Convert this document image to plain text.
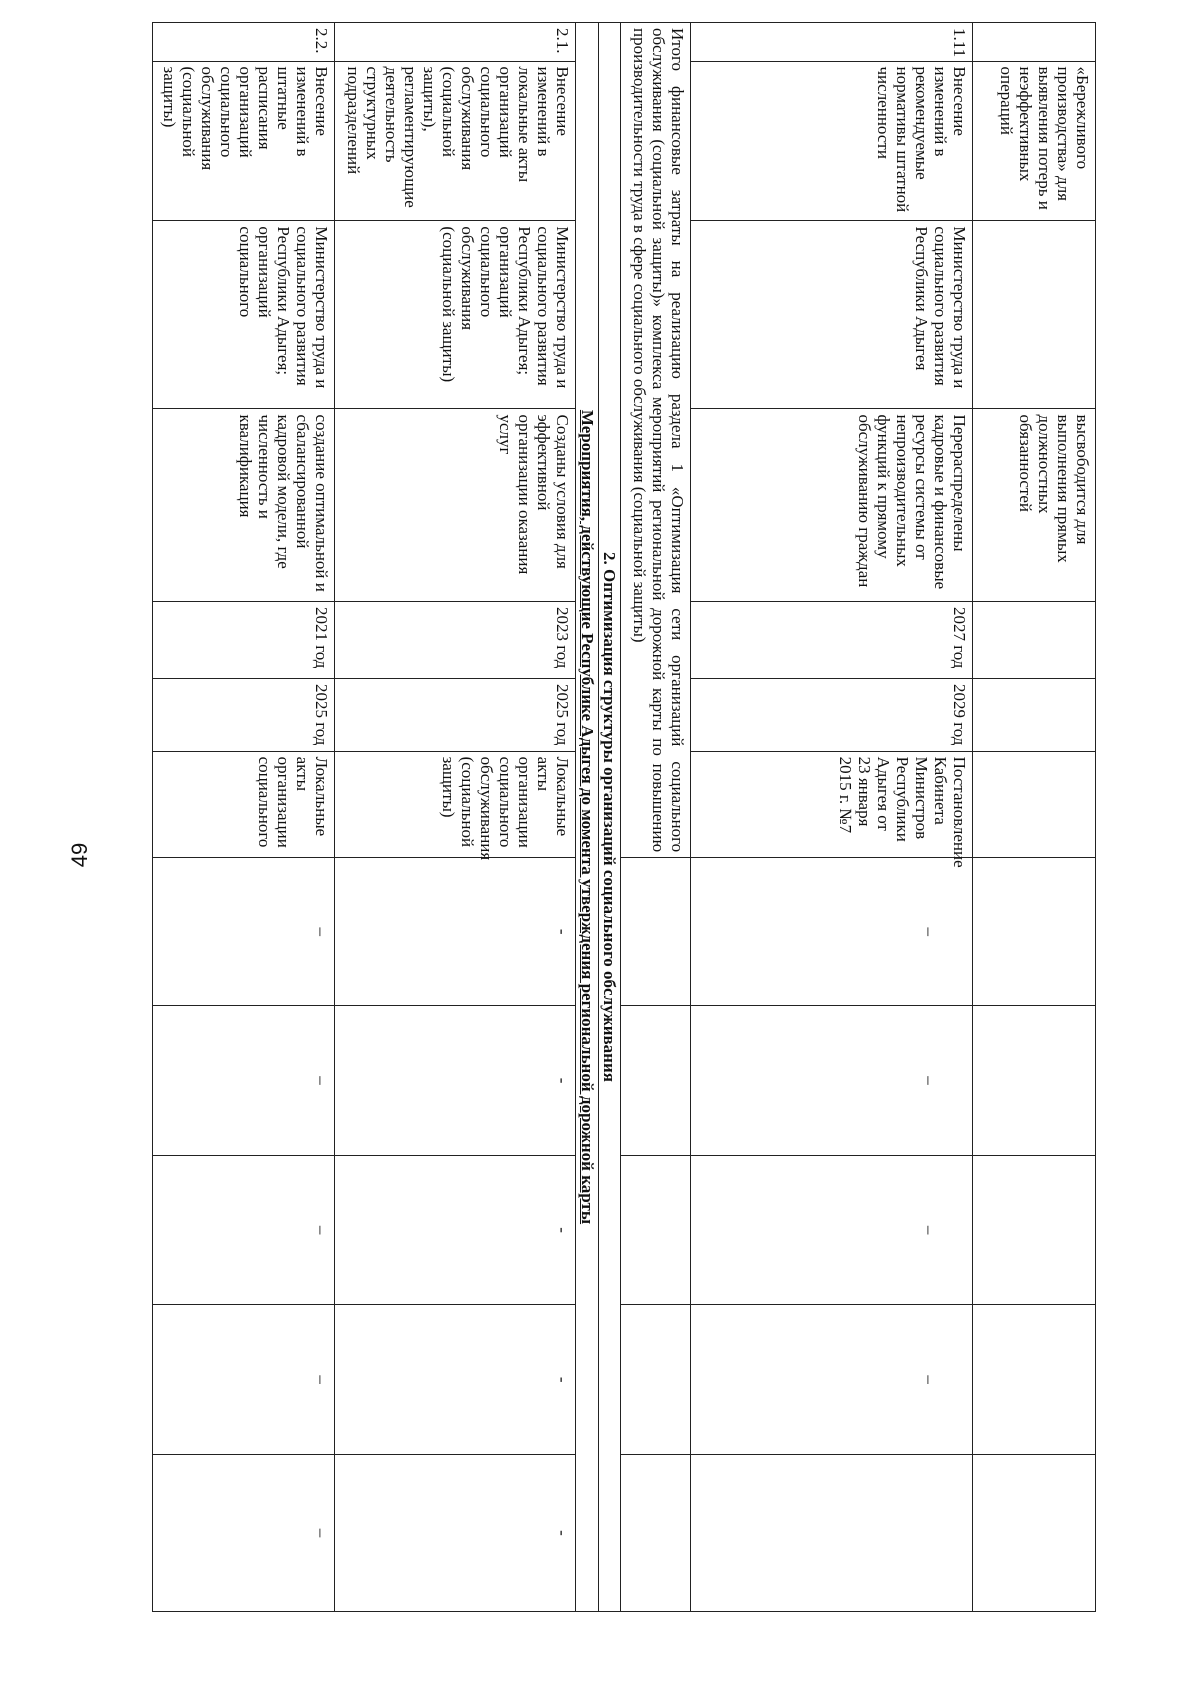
49
	«Бережливого производства» для выявления потерь и неэффективных операций		высвободится для выполнения прямых должностных обязанностей								
1.11	Внесение изменений в рекомендуемые нормативы штатной численности	Министерство труда и социального развития Республики Адыгея	Перераспределены кадровые и финансовые ресурсы системы от непроизводительных функций к прямому обслуживанию граждан	2027 год	2029 год	Постановление Кабинета Министров Республики Адыгея от 23 января 2015 г. №7	–	–	–	–	

Итого финансовые затраты на реализацию раздела 1 «Оптимизация сети организаций социального обслуживания (социальной защиты)» комплекса мероприятий региональной дорожной карты по повышению производительности труда в сфере социального обслуживания (социальной защиты)											
2. Оптимизация структуры организаций социального обслуживания											
Мероприятия, действующие Республике Адыгея до момента утверждения региональной дорожной карты											
2.1.	Внесение изменений в локальные акты организаций социального обслуживания (социальной защиты), регламентирующие деятельность структурных подразделений	Министерство труда и социального развития Республики Адыгея; организаций социального обслуживания (социальной защиты)	Созданы условия для эффективной организации оказания услуг	2023 год	2025 год	Локальные акты организации социального обслуживания (социальной защиты)	-	-	-	-	-
2.2.	Внесение изменений в штатные расписания организаций социального обслуживания (социальной защиты)	Министерство труда и социального развития Республики Адыгея; организаций социального	создание оптимальной и сбалансированной кадровой модели, где численность и квалификация	2021 год	2025 год	Локальные акты организации социального	–	–	–	–	–
